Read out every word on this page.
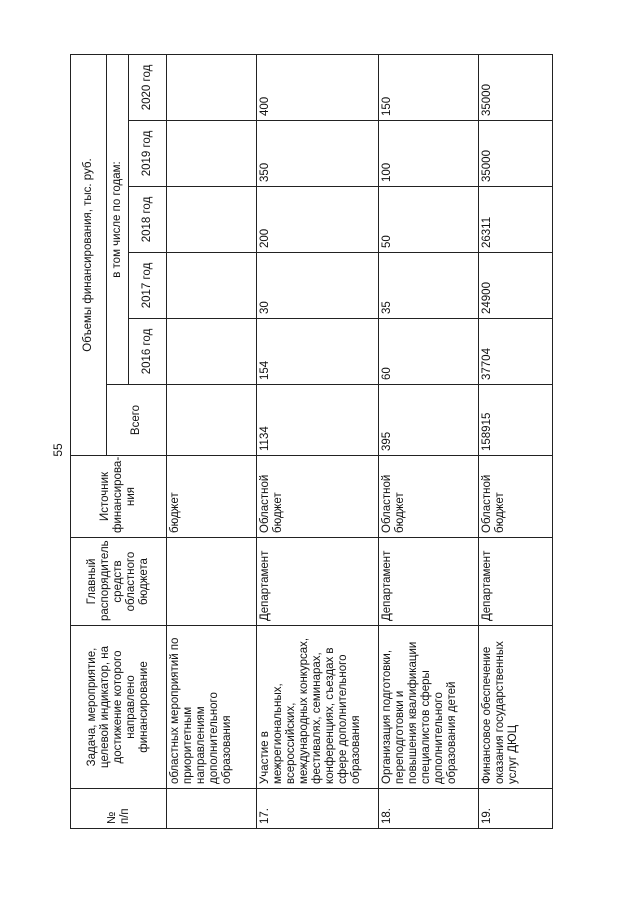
55
№
п/п	Задача, мероприятие, целевой индикатор, на достижение которого направлено финансирование	Главный распорядитель средств областного бюджета	Источник финансирова-ния	Объемы финансирования, тыс. руб.					
				Всего	в том числе по годам:				
					2016 год	2017 год	2018 год	2019 год	2020 год
	областных мероприятий по приоритетным направлениям дополнительного образования		бюджет						
17.	Участие в межрегиональных, всероссийских, международных конкурсах, фестивалях, семинарах, конференциях, съездах в сфере дополнительного образования	Департамент	Областной бюджет	1134	154	30	200	350	400
18.	Организация подготовки, переподготовки и повышения квалификации специалистов сферы дополнительного образования детей	Департамент	Областной бюджет	395	60	35	50	100	150
19.	Финансовое обеспечение оказания государственных услуг ДЮЦ	Департамент	Областной бюджет	158915	37704	24900	26311	35000	35000
